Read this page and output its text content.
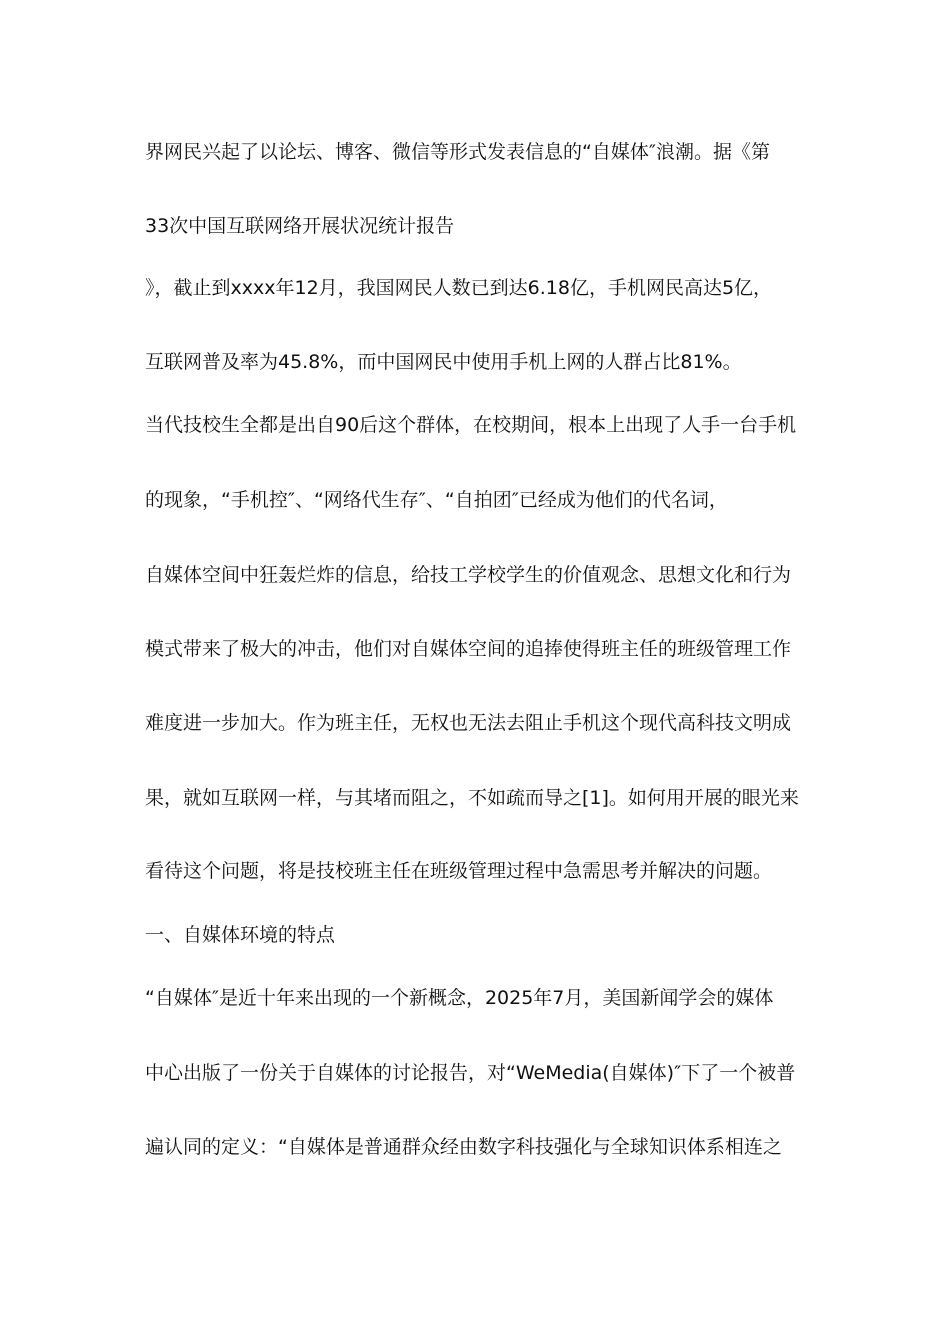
界网民兴起了以论坛、博客、微信等形式发表信息的“自媒体″浪潮。据《第
33次中国互联网络开展状况统计报告
》，截止到xxxx年12月，我国网民人数已到达6.18亿，手机网民高达5亿，
互联网普及率为45.8%，而中国网民中使用手机上网的人群占比81%。
当代技校生全都是出自90后这个群体，在校期间，根本上出现了人手一台手机
的现象，“手机控″、“网络代生存″、“自拍团″已经成为他们的代名词，
自媒体空间中狂轰烂炸的信息，给技工学校学生的价值观念、思想文化和行为
模式带来了极大的冲击，他们对自媒体空间的追捧使得班主任的班级管理工作
难度进一步加大。作为班主任，无权也无法去阻止手机这个现代高科技文明成
果，就如互联网一样，与其堵而阻之，不如疏而导之[1]。如何用开展的眼光来
看待这个问题，将是技校班主任在班级管理过程中急需思考并解决的问题。
一、自媒体环境的特点
“自媒体″是近十年来出现的一个新概念，2025年7月，美国新闻学会的媒体
中心出版了一份关于自媒体的讨论报告，对“WeMedia(自媒体)″下了一个被普
遍认同的定义：“自媒体是普通群众经由数字科技强化与全球知识体系相连之
